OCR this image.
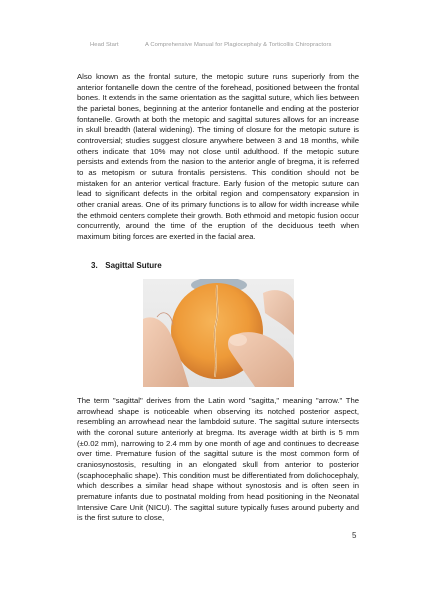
Head Start	A Comprehensive Manual for Plagiocephaly & Torticollis Chiropractors

Also known as the frontal suture, the metopic suture runs superiorly from the anterior fontanelle down the centre of the forehead, positioned between the frontal bones. It extends in the same orientation as the sagittal suture, which lies between the parietal bones, beginning at the anterior fontanelle and ending at the posterior fontanelle. Growth at both the metopic and sagittal sutures allows for an increase in skull breadth (lateral widening). The timing of closure for the metopic suture is controversial; studies suggest closure anywhere between 3 and 18 months, while others indicate that 10% may not close until adulthood. If the metopic suture persists and extends from the nasion to the anterior angle of bregma, it is referred to as metopism or sutura frontalis persistens. This condition should not be mistaken for an anterior vertical fracture. Early fusion of the metopic suture can lead to significant defects in the orbital region and compensatory expansion in other cranial areas. One of its primary functions is to allow for width increase while the ethmoid centers complete their growth. Both ethmoid and metopic fusion occur concurrently, around the time of the eruption of the deciduous teeth when maximum biting forces are exerted in the facial area.

3. Sagittal Suture

The term "sagittal" derives from the Latin word "sagitta," meaning "arrow." The arrowhead shape is noticeable when observing its notched posterior aspect, resembling an arrowhead near the lambdoid suture. The sagittal suture intersects with the coronal suture anteriorly at bregma. Its average width at birth is 5 mm (±0.02 mm), narrowing to 2.4 mm by one month of age and continues to decrease over time. Premature fusion of the sagittal suture is the most common form of craniosynostosis, resulting in an elongated skull from anterior to posterior (scaphocephalic shape). This condition must be differentiated from dolichocephaly, which describes a similar head shape without synostosis and is often seen in premature infants due to postnatal molding from head positioning in the Neonatal Intensive Care Unit (NICU). The sagittal suture typically fuses around puberty and is the first suture to close,

5
